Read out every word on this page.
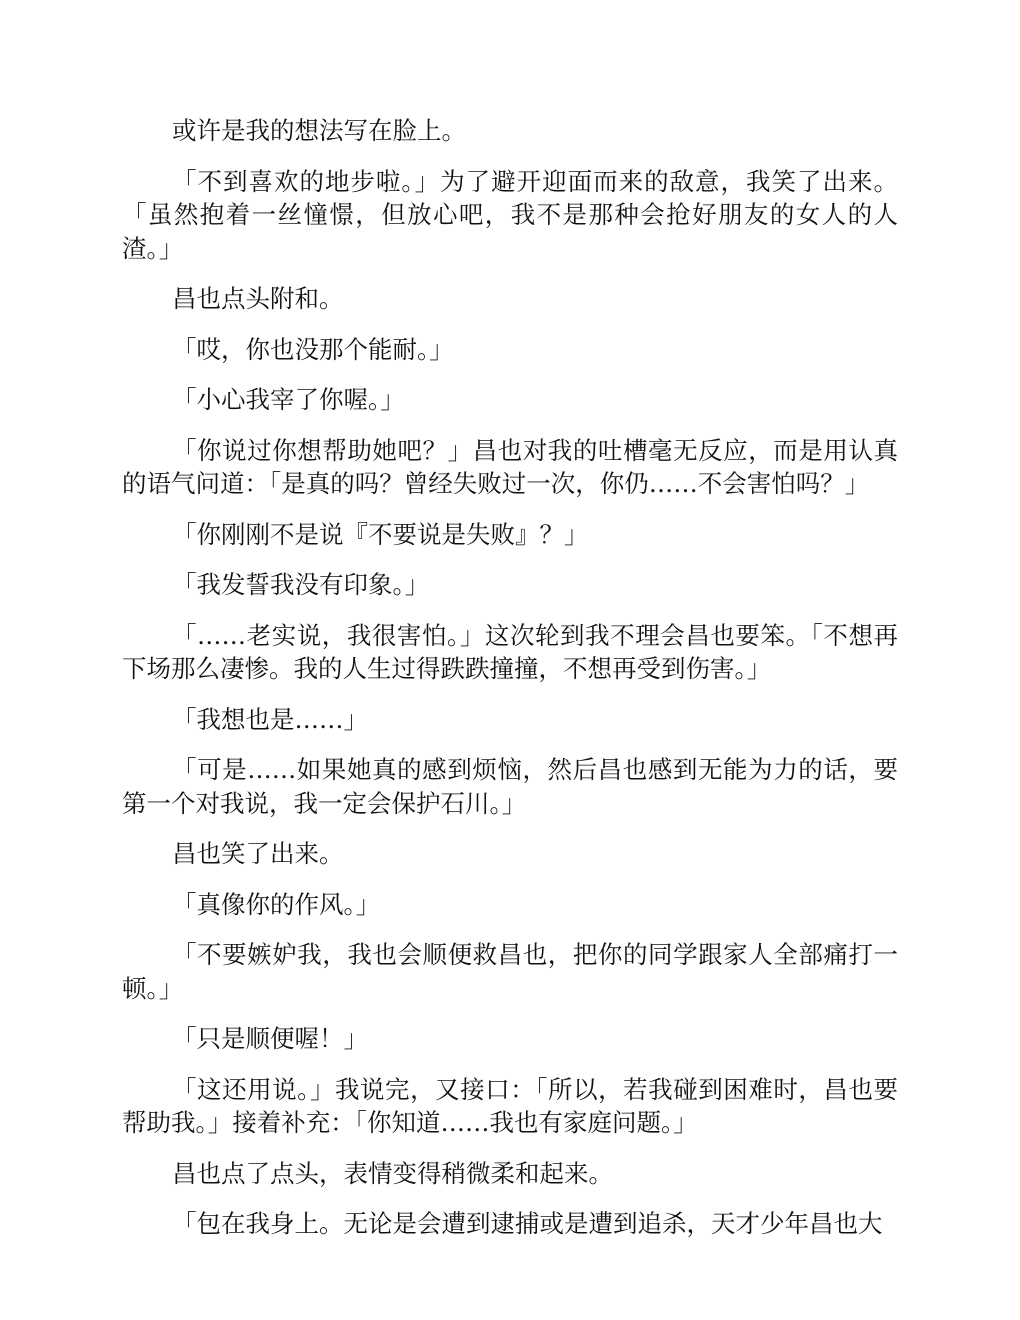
或许是我的想法写在脸上。

「不到喜欢的地步啦。」为了避开迎面而来的敌意，我笑了出来。「虽然抱着一丝憧憬，但放心吧，我不是那种会抢好朋友的女人的人渣。」

昌也点头附和。

「哎，你也没那个能耐。」

「小心我宰了你喔。」

「你说过你想帮助她吧？」昌也对我的吐槽毫无反应，而是用认真的语气问道：「是真的吗？曾经失败过一次，你仍……不会害怕吗？」

「你刚刚不是说『不要说是失败』？」

「我发誓我没有印象。」

「……老实说，我很害怕。」这次轮到我不理会昌也要笨。「不想再下场那么凄惨。我的人生过得跌跌撞撞，不想再受到伤害。」

「我想也是……」

「可是……如果她真的感到烦恼，然后昌也感到无能为力的话，要第一个对我说，我一定会保护石川。」

昌也笑了出来。

「真像你的作风。」

「不要嫉妒我，我也会顺便救昌也，把你的同学跟家人全部痛打一顿。」

「只是顺便喔！」

「这还用说。」我说完，又接口：「所以，若我碰到困难时，昌也要帮助我。」接着补充：「你知道……我也有家庭问题。」

昌也点了点头，表情变得稍微柔和起来。

「包在我身上。无论是会遭到逮捕或是遭到追杀，天才少年昌也大
